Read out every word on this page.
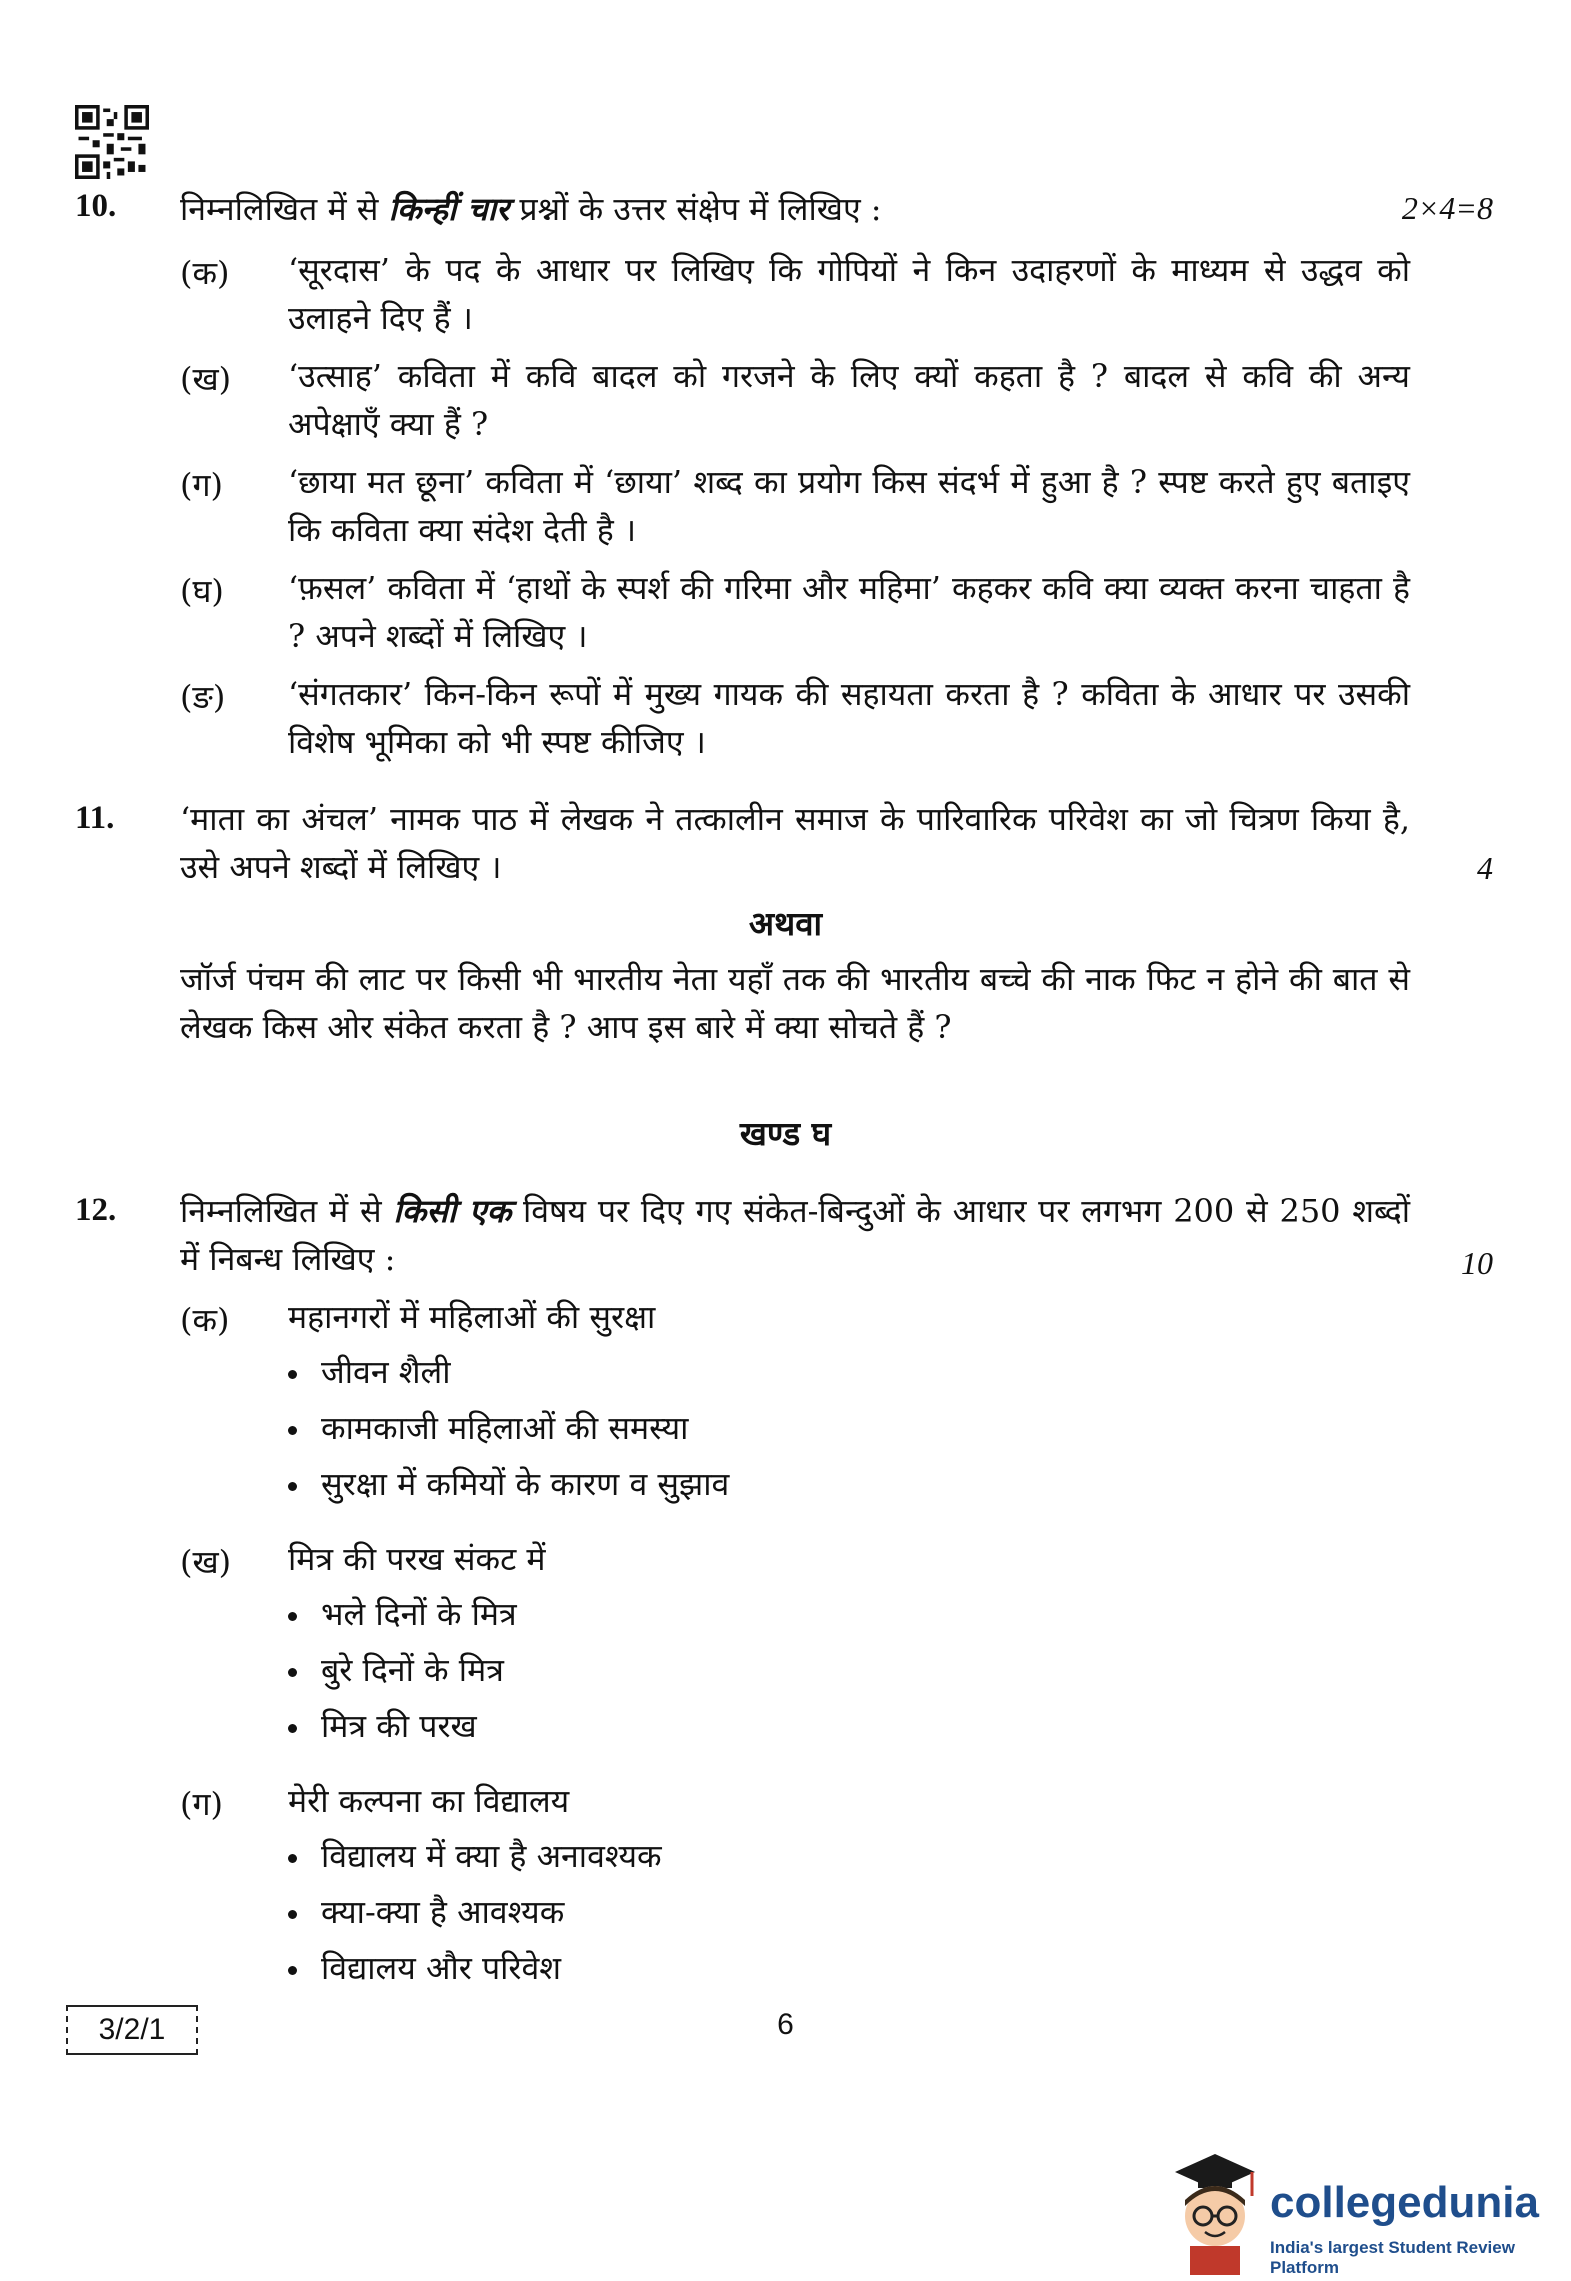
10. निम्नलिखित में से किन्हीं चार प्रश्नों के उत्तर संक्षेप में लिखिए :	2×4=8
(क) ‘सूरदास’ के पद के आधार पर लिखिए कि गोपियों ने किन उदाहरणों के माध्यम से उद्धव को उलाहने दिए हैं ।
(ख) ‘उत्साह’ कविता में कवि बादल को गरजने के लिए क्यों कहता है ? बादल से कवि की अन्य अपेक्षाएँ क्या हैं ?
(ग) ‘छाया मत छूना’ कविता में ‘छाया’ शब्द का प्रयोग किस संदर्भ में हुआ है ? स्पष्ट करते हुए बताइए कि कविता क्या संदेश देती है ।
(घ) ‘फ़सल’ कविता में ‘हाथों के स्पर्श की गरिमा और महिमा’ कहकर कवि क्या व्यक्त करना चाहता है ? अपने शब्दों में लिखिए ।
(ङ) ‘संगतकार’ किन-किन रूपों में मुख्य गायक की सहायता करता है ? कविता के आधार पर उसकी विशेष भूमिका को भी स्पष्ट कीजिए ।
11. ‘माता का अंचल’ नामक पाठ में लेखक ने तत्कालीन समाज के पारिवारिक परिवेश का जो चित्रण किया है, उसे अपने शब्दों में लिखिए ।	4
अथवा
जॉर्ज पंचम की लाट पर किसी भी भारतीय नेता यहाँ तक की भारतीय बच्चे की नाक फिट न होने की बात से लेखक किस ओर संकेत करता है ? आप इस बारे में क्या सोचते हैं ?
खण्ड घ
12. निम्नलिखित में से किसी एक विषय पर दिए गए संकेत-बिन्दुओं के आधार पर लगभग 200 से 250 शब्दों में निबन्ध लिखिए :	10
(क) महानगरों में महिलाओं की सुरक्षा
जीवन शैली
कामकाजी महिलाओं की समस्या
सुरक्षा में कमियों के कारण व सुझाव
(ख) मित्र की परख संकट में
भले दिनों के मित्र
बुरे दिनों के मित्र
मित्र की परख
(ग) मेरी कल्पना का विद्यालय
विद्यालय में क्या है अनावश्यक
क्या-क्या है आवश्यक
विद्यालय और परिवेश
3/2/1	6
collegedunia
India's largest Student Review Platform
